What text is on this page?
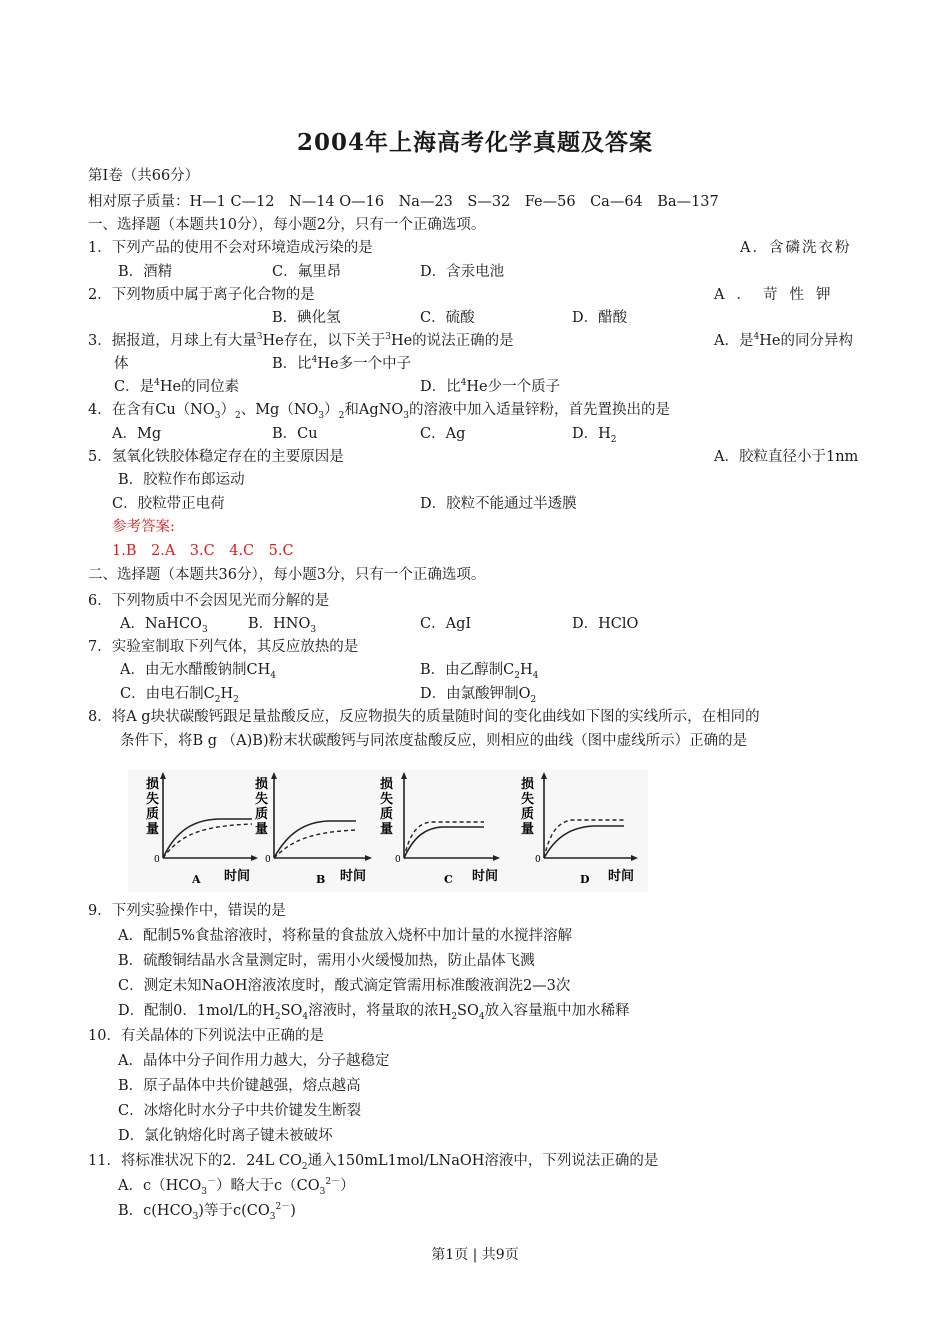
2004年上海高考化学真题及答案
第Ⅰ卷（共66分）
相对原子质量：H—1 C—12　N—14 O—16　Na—23　S—32　Fe—56　Ca—64　Ba—137
一、选择题（本题共10分），每小题2分，只有一个正确选项。
1．下列产品的使用不会对环境造成污染的是	A．含磷洗衣粉
B．酒精	C．氟里昂	D．含汞电池
2．下列物质中属于离子化合物的是	A．苛性钾
B．碘化氢	C．硫酸	D．醋酸
3．据报道，月球上有大量$^3$He存在，以下关于$^3$He的说法正确的是	A．是$^4$He的同分异构
体	B．比$^4$He多一个中子
C．是$^4$He的同位素	D．比$^4$He少一个质子
4．在含有$Cu(NO_3)_2$、$Mg(NO_3)_2$和AgNO$_3$的溶液中加入适量锌粉，首先置换出的是
A．Mg	B．Cu	C．Ag	D．$H_2$
5．氢氧化铁胶体稳定存在的主要原因是	A．胶粒直径小于1nm
B．胶粒作布郎运动
C．胶粒带正电荷	D．胶粒不能通过半透膜
参考答案:
1.B　2.A　3.C　4.C　5.C
二、选择题（本题共36分），每小题3分，只有一个正确选项。
6．下列物质中不会因见光而分解的是
A．NaHCO$_3$	B．$HNO_3$	C．AgI	D．HClO
7．实验室制取下列气体，其反应放热的是
A．由无水醋酸钠制$CH_4$	B．由乙醇制$C_2H_4$
C．由电石制$C_2H_2$	D．由氯酸钾制$O_2$
8．将A g块状碳酸钙跟足量盐酸反应，反应物损失的质量随时间的变化曲线如下图的实线所示，在相同的
条件下，将B g （A)B)粉末状碳酸钙与同浓度盐酸反应，则相应的曲线（图中虚线所示）正确的是
损
失
质
量
0
A 时间
损
失
质
量
0
B 时间
损
失
质
量
0
C 时间
损
失
质
量
0
D 时间
9．下列实验操作中，错误的是
A．配制5%食盐溶液时，将称量的食盐放入烧杯中加计量的水搅拌溶解
B．硫酸铜结晶水含量测定时，需用小火缓慢加热，防止晶体飞溅
C．测定未知NaOH溶液浓度时，酸式滴定管需用标准酸液润洗2—3次
D．配制0．1mol/L的$H_2SO_4$溶液时，将量取的浓$H_2SO_4$放入容量瓶中加水稀释
10．有关晶体的下列说法中正确的是
A．晶体中分子间作用力越大，分子越稳定
B．原子晶体中共价键越强，熔点越高
C．冰熔化时水分子中共价键发生断裂
D．氯化钠熔化时离子键未被破坏
11．将标准状况下的2．24L $CO_2$通入150mL1mol/LNaOH溶液中，下列说法正确的是
A．$c(HCO_3^-)$略大于$c(CO_3^{2-})$
B．$c(HCO_3)$等于$c(CO_3^{2-})$
第1页 | 共9页
